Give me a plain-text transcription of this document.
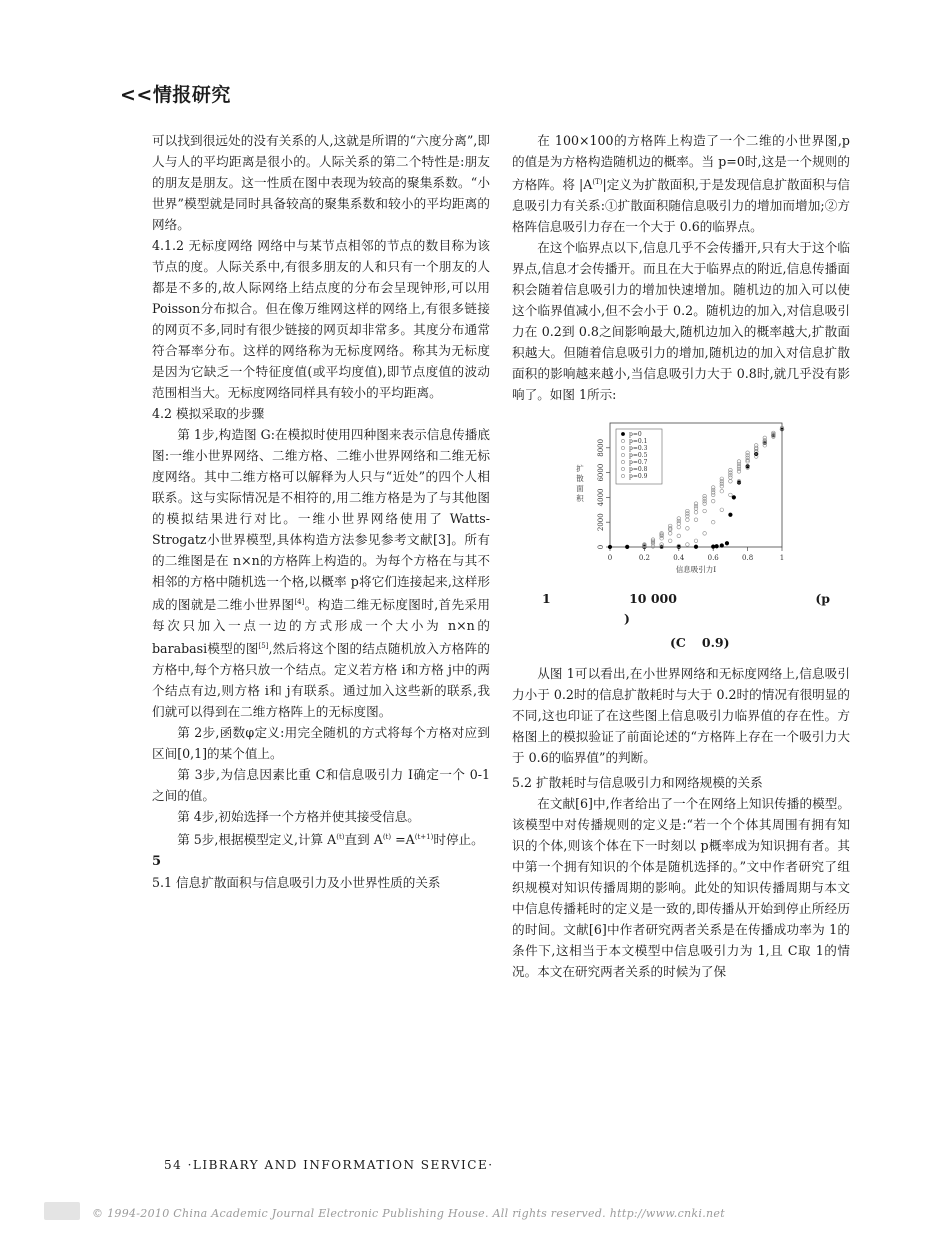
<<情报研究

可以找到很远处的没有关系的人,这就是所谓的“六度分离”,即人与人的平均距离是很小的。人际关系的第二个特性是:朋友的朋友是朋友。这一性质在图中表现为较高的聚集系数。“小世界”模型就是同时具备较高的聚集系数和较小的平均距离的网络。

4.1.2 无标度网络 网络中与某节点相邻的节点的数目称为该节点的度。人际关系中,有很多朋友的人和只有一个朋友的人都是不多的,故人际网络上结点度的分布会呈现钟形,可以用 Poisson分布拟合。但在像万维网这样的网络上,有很多链接的网页不多,同时有很少链接的网页却非常多。其度分布通常符合幂率分布。这样的网络称为无标度网络。称其为无标度是因为它缺乏一个特征度值(或平均度值),即节点度值的波动范围相当大。无标度网络同样具有较小的平均距离。

4.2 模拟采取的步骤

第 1步,构造图 G:在模拟时使用四种图来表示信息传播底图:一维小世界网络、二维方格、二维小世界网络和二维无标度网络。其中二维方格可以解释为人只与“近处”的四个人相联系。这与实际情况是不相符的,用二维方格是为了与其他图的模拟结果进行对比。一维小世界网络使用了 Watts-Strogatz小世界模型,具体构造方法参见参考文献[3]。所有的二维图是在 n×n的方格阵上构造的。为每个方格在与其不相邻的方格中随机选一个格,以概率 p将它们连接起来,这样形成的图就是二维小世界图[4]。构造二维无标度图时,首先采用每次只加入一点一边的方式形成一个大小为 n×n的 barabasi模型的图[5],然后将这个图的结点随机放入方格阵的方格中,每个方格只放一个结点。定义若方格 i和方格 j中的两个结点有边,则方格 i和 j有联系。通过加入这些新的联系,我们就可以得到在二维方格阵上的无标度图。

第 2步,函数φ定义:用完全随机的方式将每个方格对应到区间[0,1]的某个值上。

第 3步,为信息因素比重 C和信息吸引力 I确定一个 0-1之间的值。

第 4步,初始选择一个方格并使其接受信息。

第 5步,根据模型定义,计算 $A^{(t)}$直到 $A^{(t)} =A^{(t+1)}$时停止。

5

5.1 信息扩散面积与信息吸引力及小世界性质的关系

在 100×100的方格阵上构造了一个二维的小世界图,p的值是为方格构造随机边的概率。当 p=0时,这是一个规则的方格阵。将 $|A^{(T)}|$定义为扩散面积,于是发现信息扩散面积与信息吸引力有关系:①扩散面积随信息吸引力的增加而增加;②方格阵信息吸引力存在一个大于 0.6的临界点。

在这个临界点以下,信息几乎不会传播开,只有大于这个临界点,信息才会传播开。而且在大于临界点的附近,信息传播面积会随着信息吸引力的增加快速增加。随机边的加入可以使这个临界值减小,但不会小于 0.2。随机边的加入,对信息吸引力在 0.2到 0.8之间影响最大,随机边加入的概率越大,扩散面积越大。但随着信息吸引力的增加,随机边的加入对信息扩散面积的影响越来越小,当信息吸引力大于 0.8时,就几乎没有影响了。如图 1所示:

0	0.2	0.4	0.6	0.8	1
0
2000
4000
6000
8000
信息吸引力I
扩
散
面
积
p=0
p=0.1
p=0.3
p=0.5
p=0.7
p=0.8
p=0.9
1	10 000	(p
)
(C 0.9)

从图 1可以看出,在小世界网络和无标度网络上,信息吸引力小于 0.2时的信息扩散耗时与大于 0.2时的情况有很明显的不同,这也印证了在这些图上信息吸引力临界值的存在性。方格图上的模拟验证了前面论述的“方格阵上存在一个吸引力大于 0.6的临界值”的判断。

5.2 扩散耗时与信息吸引力和网络规模的关系

在文献[6]中,作者给出了一个在网络上知识传播的模型。该模型中对传播规则的定义是:“若一个个体其周围有拥有知识的个体,则该个体在下一时刻以 p概率成为知识拥有者。其中第一个拥有知识的个体是随机选择的。”文中作者研究了组织规模对知识传播周期的影响。此处的知识传播周期与本文中信息传播耗时的定义是一致的,即传播从开始到停止所经历的时间。文献[6]中作者研究两者关系是在传播成功率为 1的条件下,这相当于本文模型中信息吸引力为 1,且 C取 1的情况。本文在研究两者关系的时候为了保

54 ·LIBRARY AND INFORMATION SERVICE·
© 1994-2010 China Academic Journal Electronic Publishing House. All rights reserved. http://www.cnki.net
